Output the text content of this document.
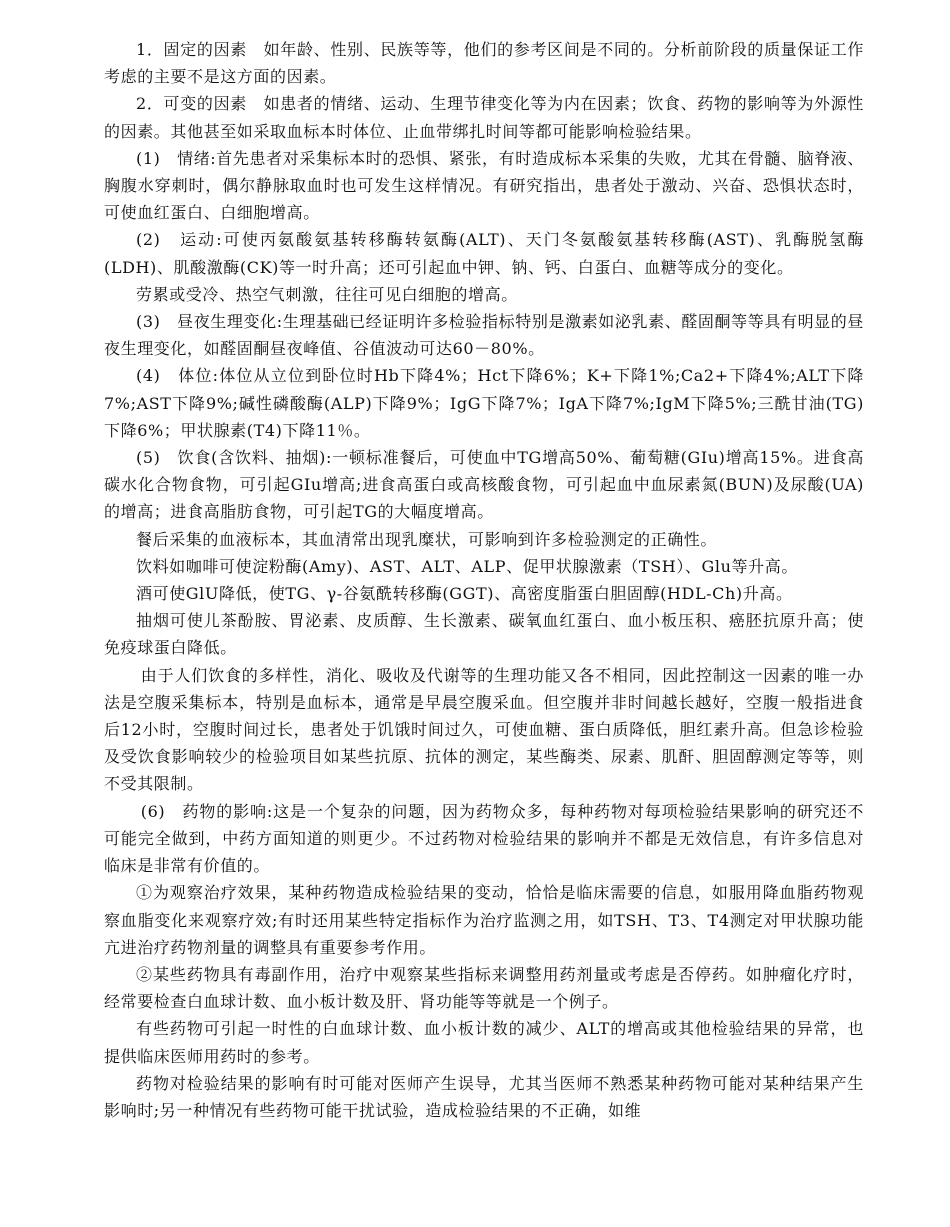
1．固定的因素　如年龄、性别、民族等等，他们的参考区间是不同的。分析前阶段的质量保证工作考虑的主要不是这方面的因素。

2．可变的因素　如患者的情绪、运动、生理节律变化等为内在因素；饮食、药物的影响等为外源性的因素。其他甚至如采取血标本时体位、止血带绑扎时间等都可能影响检验结果。

(1)　情绪:首先患者对采集标本时的恐惧、紧张，有时造成标本采集的失败，尤其在骨髓、脑脊液、胸腹水穿刺时，偶尔静脉取血时也可发生这样情况。有研究指出，患者处于激动、兴奋、恐惧状态时，可使血红蛋白、白细胞增高。

(2)　运动:可使丙氨酸氨基转移酶转氨酶(ALT)、天门冬氨酸氨基转移酶(AST)、乳酶脱氢酶(LDH)、肌酸激酶(CK)等一时升高；还可引起血中钾、钠、钙、白蛋白、血糖等成分的变化。

劳累或受冷、热空气刺激，往往可见白细胞的增高。

(3)　昼夜生理变化:生理基础已经证明许多检验指标特别是激素如泌乳素、醛固酮等等具有明显的昼夜生理变化，如醛固酮昼夜峰值、谷值波动可达60－80%。

(4)　体位:体位从立位到卧位时Hb下降4%；Hct下降6%；K+下降1%;Ca2+下降4%;ALT下降7%;AST下降9%;碱性磷酸酶(ALP)下降9%；IgG下降7%；IgA下降7%;IgM下降5%;三酰甘油(TG)下降6%；甲状腺素(T4)下降11％。

(5)　饮食(含饮料、抽烟):一顿标准餐后，可使血中TG增高50%、葡萄糖(GIu)增高15%。进食高碳水化合物食物，可引起GIu增高;进食高蛋白或高核酸食物，可引起血中血尿素氮(BUN)及尿酸(UA)的增高；进食高脂肪食物，可引起TG的大幅度增高。

餐后采集的血液标本，其血清常出现乳糜状，可影响到许多检验测定的正确性。

饮料如咖啡可使淀粉酶(Amy)、AST、ALT、ALP、促甲状腺激素（TSH）、Glu等升高。

酒可使GlU降低，使TG、γ-谷氨酰转移酶(GGT)、高密度脂蛋白胆固醇(HDL-Ch)升高。

抽烟可使儿茶酚胺、胃泌素、皮质醇、生长激素、碳氧血红蛋白、血小板压积、癌胚抗原升高；使免疫球蛋白降低。

由于人们饮食的多样性，消化、吸收及代谢等的生理功能又各不相同，因此控制这一因素的唯一办法是空腹采集标本，特别是血标本，通常是早晨空腹采血。但空腹并非时间越长越好，空腹一般指进食后12小时，空腹时间过长，患者处于饥饿时间过久，可使血糖、蛋白质降低，胆红素升高。但急诊检验及受饮食影响较少的检验项目如某些抗原、抗体的测定，某些酶类、尿素、肌酐、胆固醇测定等等，则不受其限制。

(6)　药物的影响:这是一个复杂的问题，因为药物众多，每种药物对每项检验结果影响的研究还不可能完全做到，中药方面知道的则更少。不过药物对检验结果的影响并不都是无效信息，有许多信息对临床是非常有价值的。

①为观察治疗效果，某种药物造成检验结果的变动，恰恰是临床需要的信息，如服用降血脂药物观察血脂变化来观察疗效;有时还用某些特定指标作为治疗监测之用，如TSH、T3、T4测定对甲状腺功能亢进治疗药物剂量的调整具有重要参考作用。

②某些药物具有毒副作用，治疗中观察某些指标来调整用药剂量或考虑是否停药。如肿瘤化疗时，经常要检查白血球计数、血小板计数及肝、肾功能等等就是一个例子。

有些药物可引起一时性的白血球计数、血小板计数的减少、ALT的增高或其他检验结果的异常，也提供临床医师用药时的参考。

药物对检验结果的影响有时可能对医师产生误导，尤其当医师不熟悉某种药物可能对某种结果产生影响时;另一种情况有些药物可能干扰试验，造成检验结果的不正确，如维
